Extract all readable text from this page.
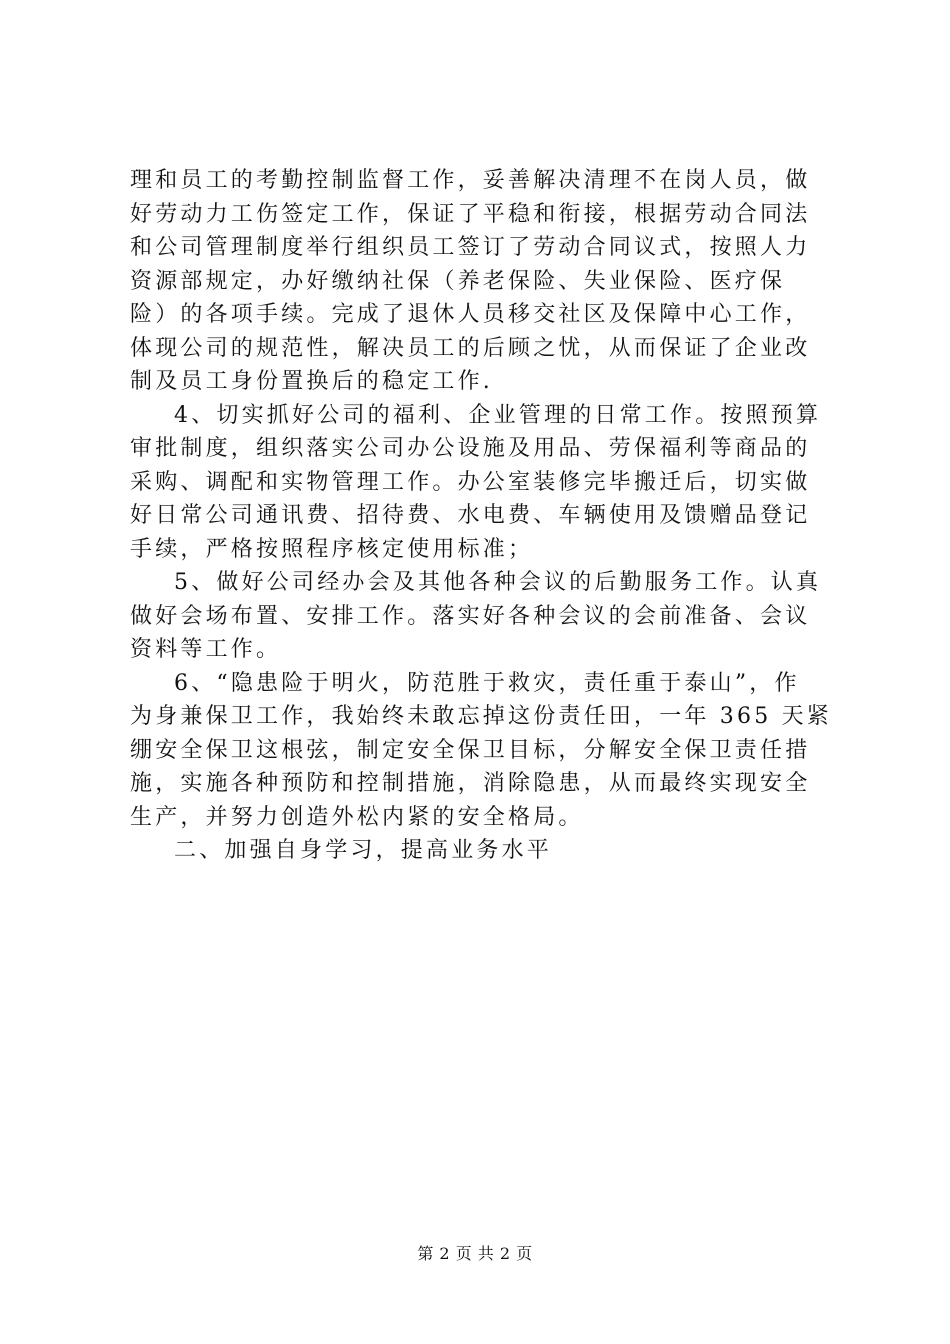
理和员工的考勤控制监督工作，妥善解决清理不在岗人员，做
好劳动力工伤签定工作，保证了平稳和衔接，根据劳动合同法
和公司管理制度举行组织员工签订了劳动合同议式，按照人力
资源部规定，办好缴纳社保（养老保险、失业保险、医疗保
险）的各项手续。完成了退休人员移交社区及保障中心工作，
体现公司的规范性，解决员工的后顾之忧，从而保证了企业改
制及员工身份置换后的稳定工作.
4、切实抓好公司的福利、企业管理的日常工作。按照预算
审批制度，组织落实公司办公设施及用品、劳保福利等商品的
采购、调配和实物管理工作。办公室装修完毕搬迁后，切实做
好日常公司通讯费、招待费、水电费、车辆使用及馈赠品登记
手续，严格按照程序核定使用标准；
5、做好公司经办会及其他各种会议的后勤服务工作。认真
做好会场布置、安排工作。落实好各种会议的会前准备、会议
资料等工作。
6、“隐患险于明火，防范胜于救灾，责任重于泰山”，作
为身兼保卫工作，我始终未敢忘掉这份责任田，一年 365 天紧
绷安全保卫这根弦，制定安全保卫目标，分解安全保卫责任措
施，实施各种预防和控制措施，消除隐患，从而最终实现安全
生产，并努力创造外松内紧的安全格局。
二、加强自身学习，提高业务水平
第 2 页 共 2 页
